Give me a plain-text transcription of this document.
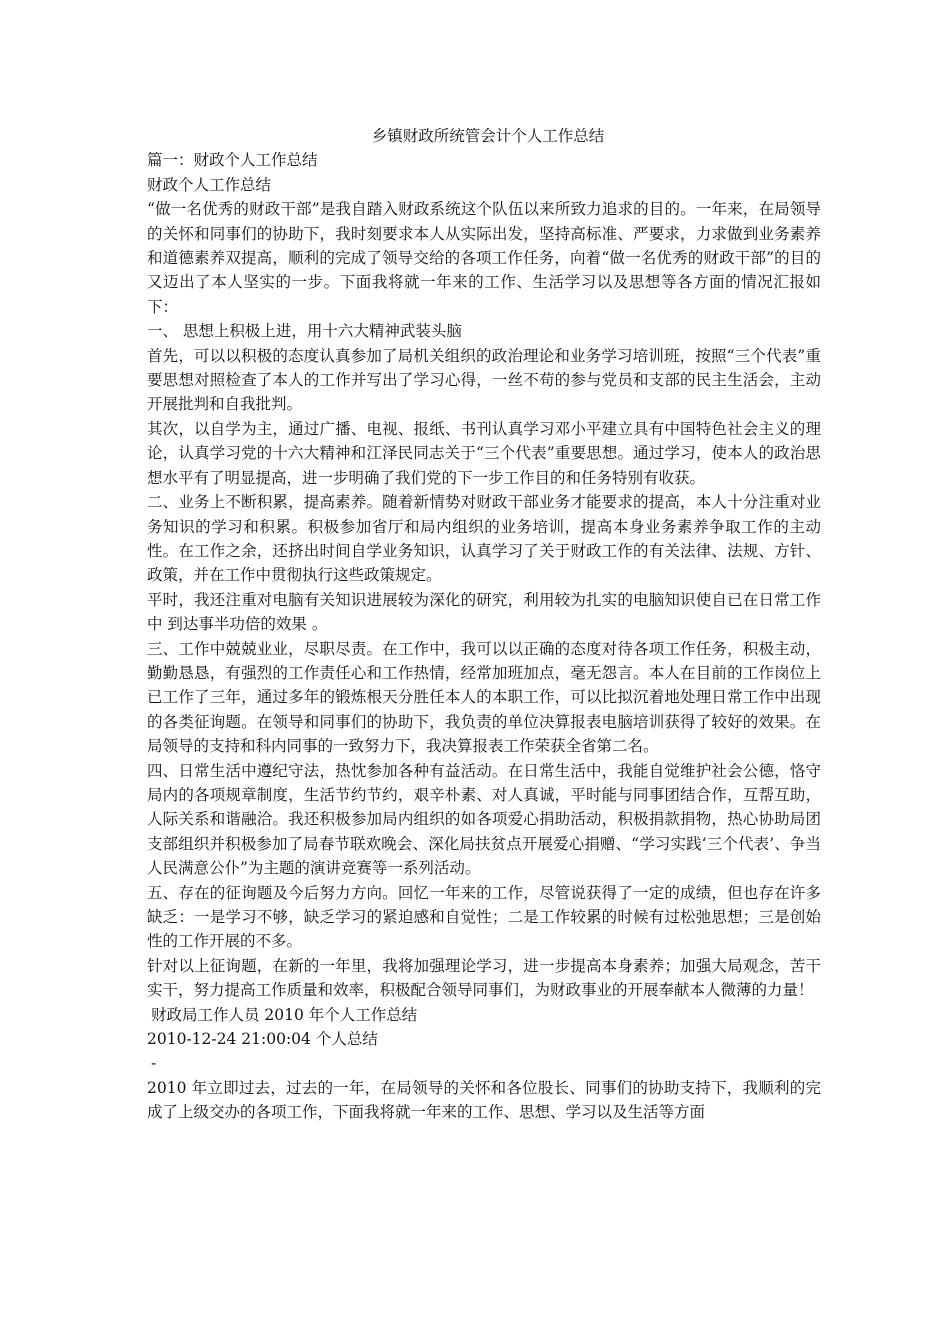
乡镇财政所统管会计个人工作总结

篇一：财政个人工作总结

财政个人工作总结

“做一名优秀的财政干部”是我自踏入财政系统这个队伍以来所致力追求的目的。一年来，在局领导的关怀和同事们的协助下，我时刻要求本人从实际出发，坚持高标准、严要求，力求做到业务素养和道德素养双提高，顺利的完成了领导交给的各项工作任务，向着“做一名优秀的财政干部”的目的又迈出了本人坚实的一步。下面我将就一年来的工作、生活学习以及思想等各方面的情况汇报如下：

一、 思想上积极上进，用十六大精神武装头脑

首先，可以以积极的态度认真参加了局机关组织的政治理论和业务学习培训班，按照“三个代表”重要思想对照检查了本人的工作并写出了学习心得，一丝不苟的参与党员和支部的民主生活会，主动开展批判和自我批判。

其次，以自学为主，通过广播、电视、报纸、书刊认真学习邓小平建立具有中国特色社会主义的理论，认真学习党的十六大精神和江泽民同志关于“三个代表”重要思想。通过学习，使本人的政治思想水平有了明显提高，进一步明确了我们党的下一步工作目的和任务特别有收获。

二、业务上不断积累，提高素养。随着新情势对财政干部业务才能要求的提高，本人十分注重对业务知识的学习和积累。积极参加省厅和局内组织的业务培训，提高本身业务素养争取工作的主动性。在工作之余，还挤出时间自学业务知识，认真学习了关于财政工作的有关法律、法规、方针、政策，并在工作中贯彻执行这些政策规定。

平时，我还注重对电脑有关知识进展较为深化的研究，利用较为扎实的电脑知识使自已在日常工作中 到达事半功倍的效果 。

三、工作中兢兢业业，尽职尽责。在工作中，我可以以正确的态度对待各项工作任务，积极主动，勤勤恳恳，有强烈的工作责任心和工作热情，经常加班加点，毫无怨言。本人在目前的工作岗位上已工作了三年，通过多年的锻炼根天分胜任本人的本职工作，可以比拟沉着地处理日常工作中出现的各类征询题。在领导和同事们的协助下，我负责的单位决算报表电脑培训获得了较好的效果。在局领导的支持和科内同事的一致努力下，我决算报表工作荣获全省第二名。

四、日常生活中遵纪守法，热忱参加各种有益活动。在日常生活中，我能自觉维护社会公德，恪守局内的各项规章制度，生活节约节约，艰辛朴素、对人真诚，平时能与同事团结合作，互帮互助，人际关系和谐融洽。我还积极参加局内组织的如各项爱心捐助活动，积极捐款捐物，热心协助局团支部组织并积极参加了局春节联欢晚会、深化局扶贫点开展爱心捐赠、“学习实践‘三个代表’、争当人民满意公仆”为主题的演讲竞赛等一系列活动。

五、存在的征询题及今后努力方向。回忆一年来的工作，尽管说获得了一定的成绩，但也存在许多缺乏：一是学习不够，缺乏学习的紧迫感和自觉性；二是工作较累的时候有过松弛思想；三是创始性的工作开展的不多。

针对以上征询题，在新的一年里，我将加强理论学习，进一步提高本身素养；加强大局观念，苦干实干，努力提高工作质量和效率，积极配合领导同事们，为财政事业的开展奉献本人微薄的力量！

财政局工作人员 2010 年个人工作总结

2010-12-24 21:00:04 个人总结

-

2010 年立即过去，过去的一年，在局领导的关怀和各位股长、同事们的协助支持下，我顺利的完成了上级交办的各项工作，下面我将就一年来的工作、思想、学习以及生活等方面
